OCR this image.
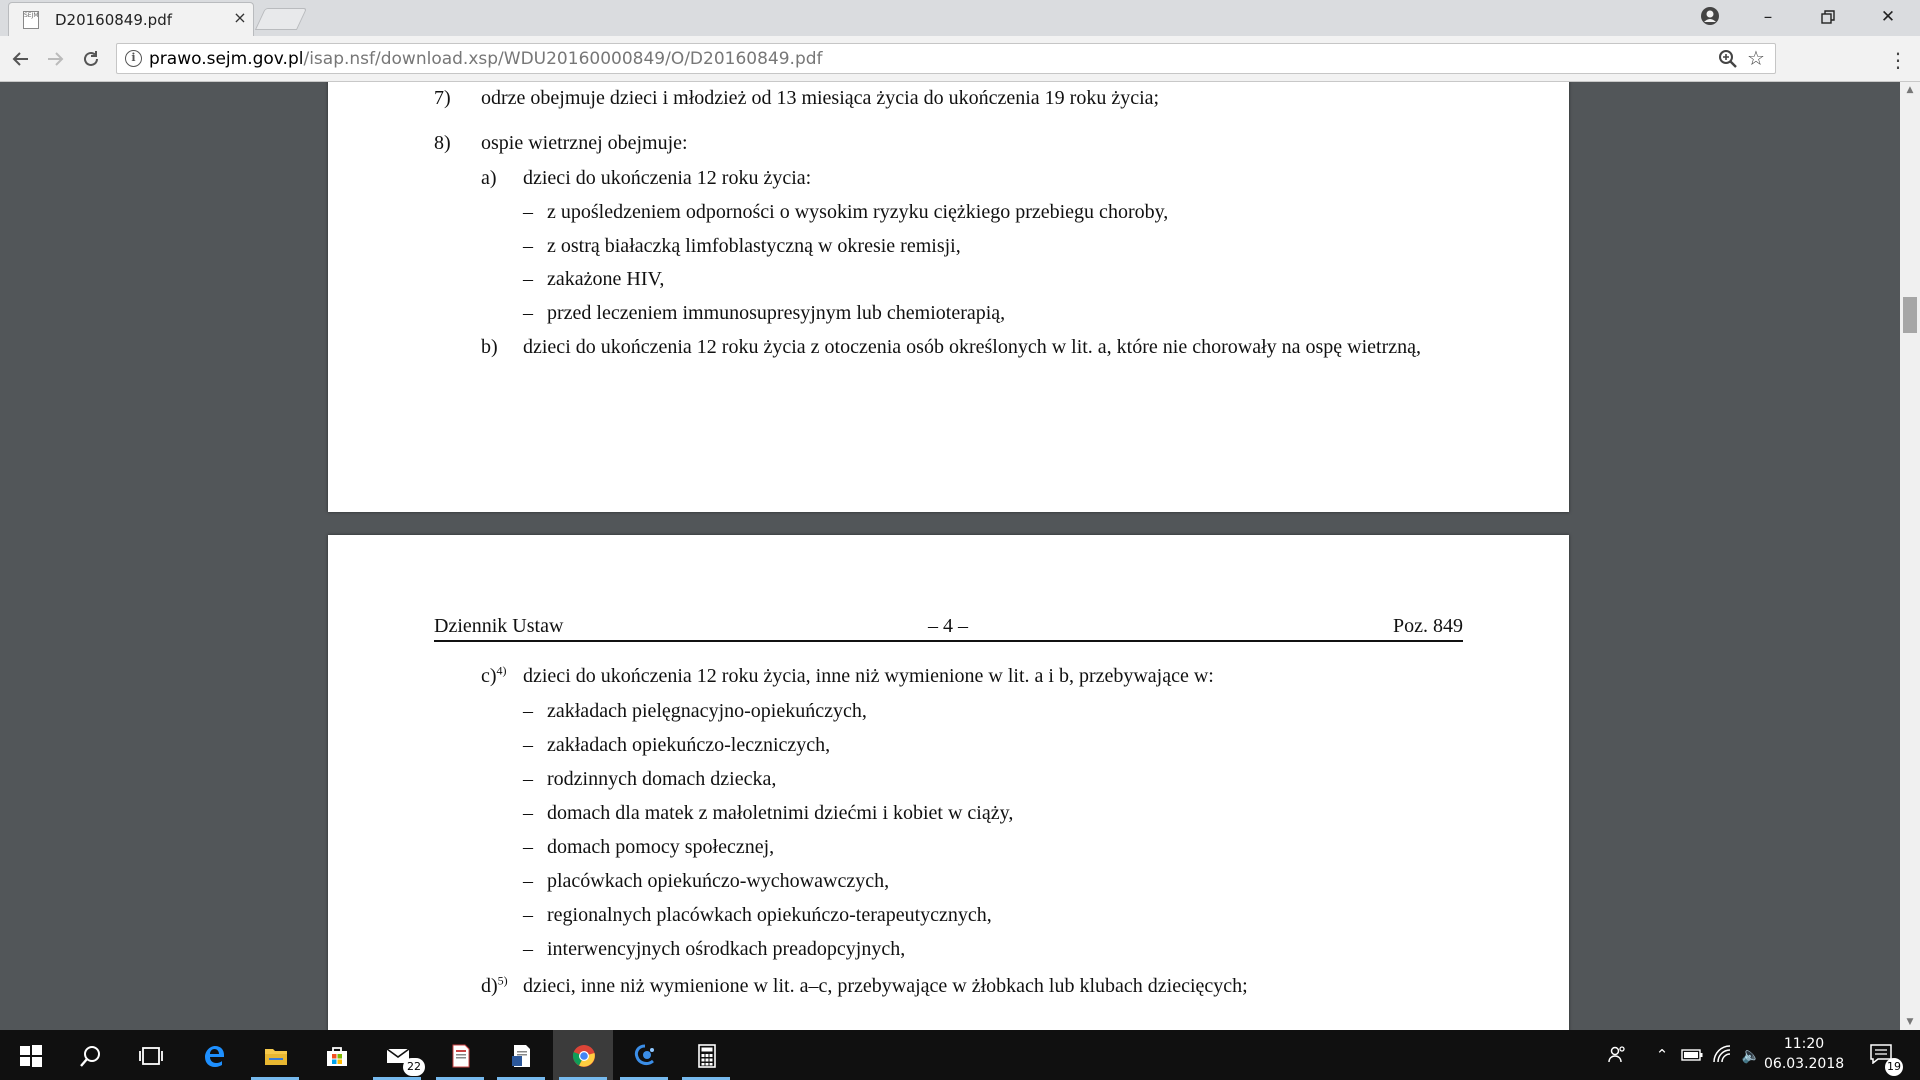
SEJM D20160849.pdf	×	–	✕
i prawo.sejm.gov.pl/isap.nsf/download.xsp/WDU20160000849/O/D20160849.pdf	☆	⋮
7) odrze obejmuje dzieci i młodzież od 13 miesiąca życia do ukończenia 19 roku życia;
8) ospie wietrznej obejmuje:
a) dzieci do ukończenia 12 roku życia:
– z upośledzeniem odporności o wysokim ryzyku ciężkiego przebiegu choroby,
– z ostrą białaczką limfoblastyczną w okresie remisji,
– zakażone HIV,
– przed leczeniem immunosupresyjnym lub chemioterapią,
b) dzieci do ukończenia 12 roku życia z otoczenia osób określonych w lit. a, które nie chorowały na ospę wietrzną,
Dziennik Ustaw	– 4 –	Poz. 849
c)$^{4)}$ dzieci do ukończenia 12 roku życia, inne niż wymienione w lit. a i b, przebywające w:
– zakładach pielęgnacyjno-opiekuńczych,
– zakładach opiekuńczo-leczniczych,
– rodzinnych domach dziecka,
– domach dla matek z małoletnimi dziećmi i kobiet w ciąży,
– domach pomocy społecznej,
– placówkach opiekuńczo-wychowawczych,
– regionalnych placówkach opiekuńczo-terapeutycznych,
– interwencyjnych ośrodkach preadopcyjnych,
d)$^{5)}$ dzieci, inne niż wymienione w lit. a–c, przebywające w żłobkach lub klubach dziecięcych;
▲
▼
22
⌃	🔈
11:20
06.03.2018	19
